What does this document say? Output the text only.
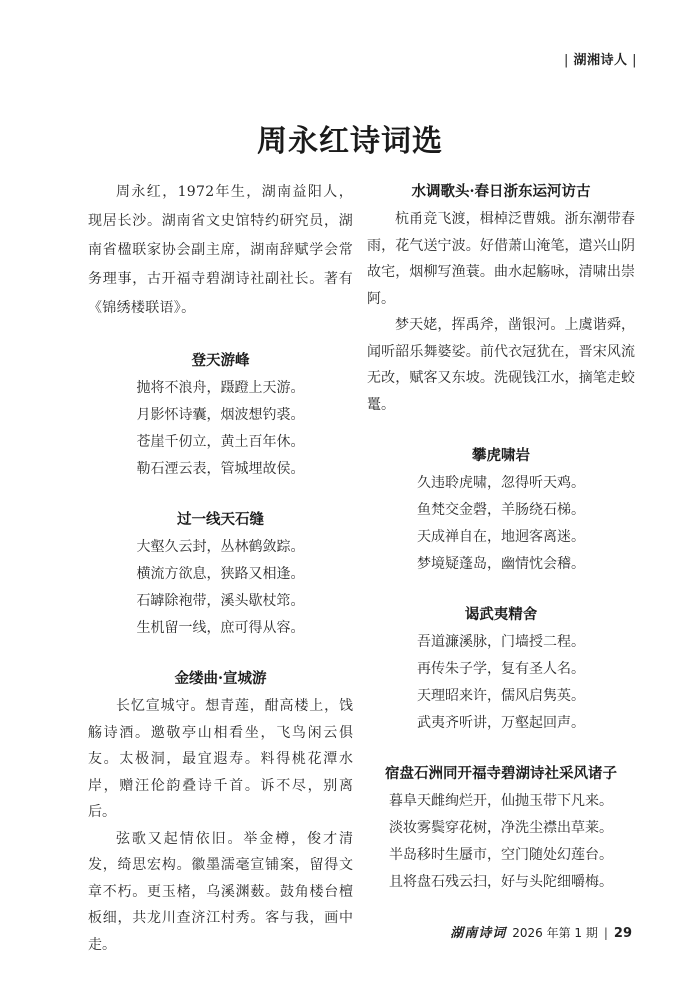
| 湖湘诗人 |
周永红诗词选

周永红，1972年生，湖南益阳人，现居长沙。湖南省文史馆特约研究员，湖南省楹联家协会副主席，湖南辞赋学会常务理事，古开福寺碧湖诗社副社长。著有《锦绣楼联语》。

登天游峰
抛将不浪舟，蹑蹬上天游。
月影怀诗囊，烟波想钓裘。
苍崖千仞立，黄土百年休。
勒石湮云表，管城埋故侯。
过一线天石缝
大壑久云封，丛林鹤敛踪。
横流方欲息，狭路又相逢。
石罅除袍带，溪头歇杖筇。
生机留一线，庶可得从容。
金缕曲·宣城游

长忆宣城守。想青莲，酣高楼上，饯觞诗酒。邀敬亭山相看坐，飞鸟闲云俱友。太极洞，最宜遐寿。料得桃花潭水岸，赠汪伦韵叠诗千首。诉不尽，别离后。

弦歌又起情依旧。举金樽，俊才清发，绮思宏构。徽墨濡毫宣铺案，留得文章不朽。更玉楮，乌溪渊薮。鼓角楼台檀板细，共龙川查济江村秀。客与我，画中走。

水调歌头·春日浙东运河访古

杭甬竞飞渡，楫棹泛曹娥。浙东潮带春雨，花气送宁波。好借萧山淹笔，遣兴山阴故宅，烟柳写渔蓑。曲水起觞咏，清啸出崇阿。

梦天姥，挥禹斧，凿银河。上虞谐舜，闻听韶乐舞婆娑。前代衣冠犹在，晋宋风流无改，赋客又东坡。洗砚钱江水，摘笔走蛟鼍。

攀虎啸岩
久违聆虎啸，忽得听天鸡。
鱼梵交金磬，羊肠绕石梯。
天成禅自在，地迥客离迷。
梦境疑蓬岛，幽情忱会稽。
谒武夷精舍
吾道濂溪脉，门墙授二程。
再传朱子学，复有圣人名。
天理昭来许，儒风启隽英。
武夷齐听讲，万壑起回声。
宿盘石洲同开福寺碧湖诗社采风诸子
暮阜天雌绚烂开，仙抛玉带下凡来。
淡妆雾鬓穿花树，净洗尘襟出草莱。
半岛移时生蜃市，空门随处幻莲台。
且将盘石残云扫，好与头陀细嚼梅。
湖南诗词 2026 年第 1 期 | 29
